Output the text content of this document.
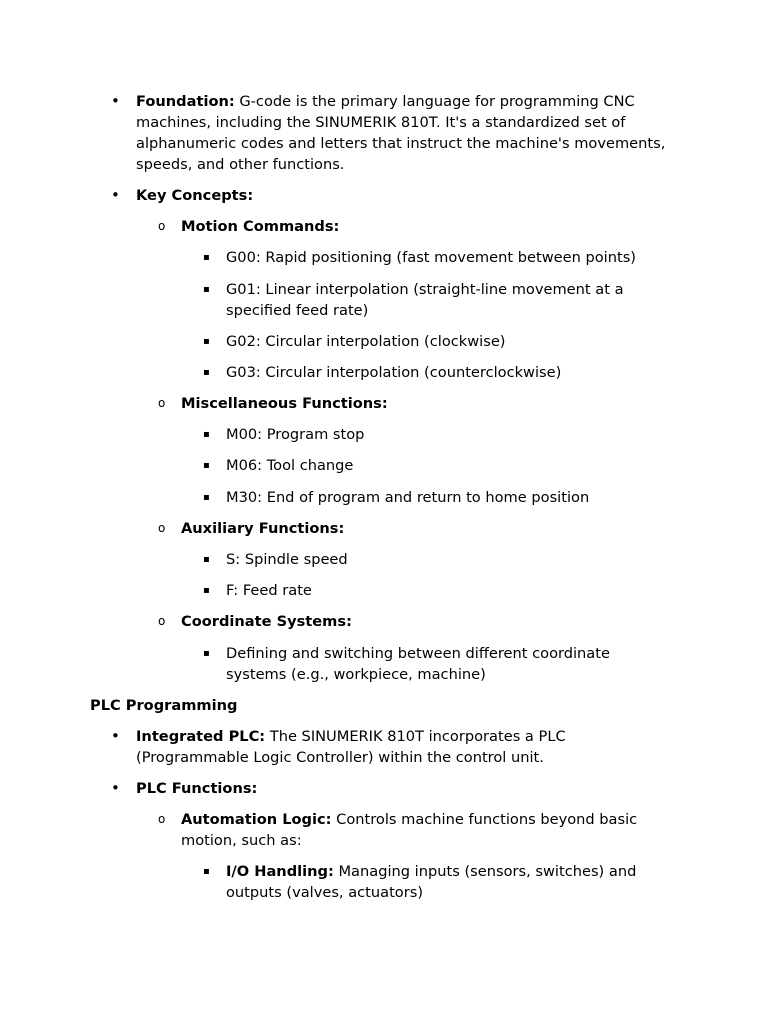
• Foundation: G-code is the primary language for programming CNC machines, including the SINUMERIK 810T. It's a standardized set of alphanumeric codes and letters that instruct the machine's movements, speeds, and other functions.
• Key Concepts:
o Motion Commands:
▪ G00: Rapid positioning (fast movement between points)
▪ G01: Linear interpolation (straight-line movement at a specified feed rate)
▪ G02: Circular interpolation (clockwise)
▪ G03: Circular interpolation (counterclockwise)
o Miscellaneous Functions:
▪ M00: Program stop
▪ M06: Tool change
▪ M30: End of program and return to home position
o Auxiliary Functions:
▪ S: Spindle speed
▪ F: Feed rate
o Coordinate Systems:
▪ Defining and switching between different coordinate systems (e.g., workpiece, machine)
PLC Programming
• Integrated PLC: The SINUMERIK 810T incorporates a PLC (Programmable Logic Controller) within the control unit.
• PLC Functions:
o Automation Logic: Controls machine functions beyond basic motion, such as:
▪ I/O Handling: Managing inputs (sensors, switches) and outputs (valves, actuators)
